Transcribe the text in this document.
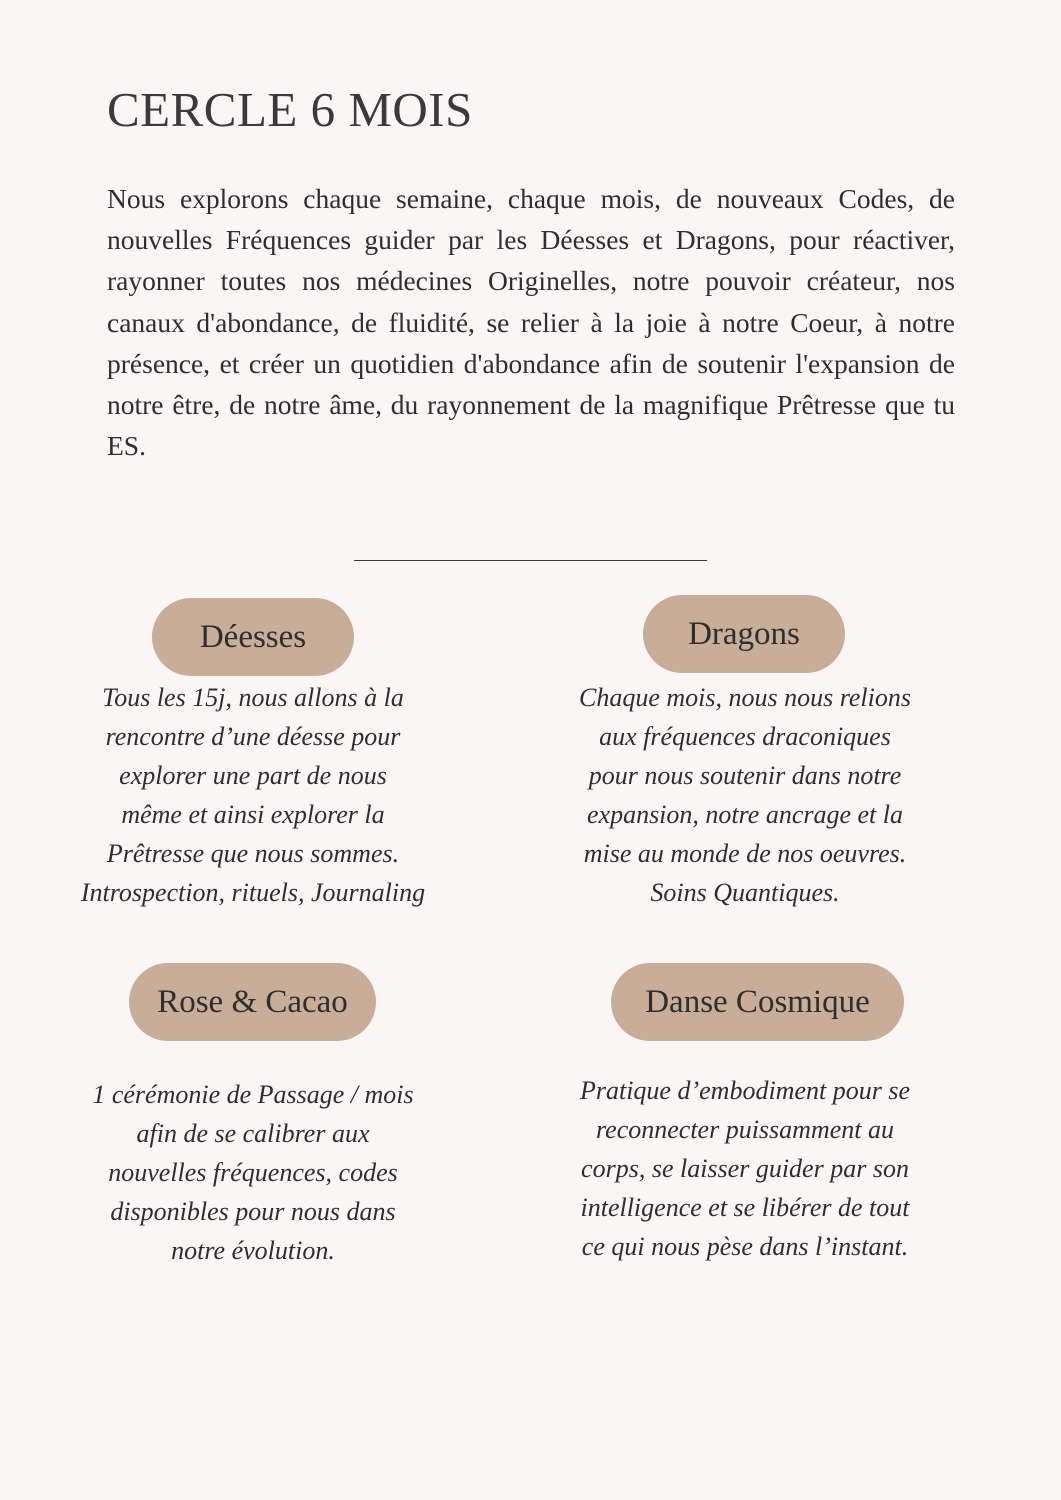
CERCLE 6 MOIS

Nous explorons chaque semaine, chaque mois, de nouveaux Codes, de nouvelles Fréquences guider par les Déesses et Dragons, pour réactiver, rayonner toutes nos médecines Originelles, notre pouvoir créateur, nos canaux d'abondance, de fluidité, se relier à la joie à notre Coeur, à notre présence, et créer un quotidien d'abondance afin de soutenir l'expansion de notre être, de notre âme, du rayonnement de la magnifique Prêtresse que tu ES.

Déesses

Tous les 15j, nous allons à la
rencontre d’une déesse pour
explorer une part de nous
même et ainsi explorer la
Prêtresse que nous sommes.
Introspection, rituels, Journaling

Dragons

Chaque mois, nous nous relions
aux fréquences draconiques
pour nous soutenir dans notre
expansion, notre ancrage et la
mise au monde de nos oeuvres.
Soins Quantiques.

Rose & Cacao

1 cérémonie de Passage / mois
afin de se calibrer aux
nouvelles fréquences, codes
disponibles pour nous dans
notre évolution.

Danse Cosmique

Pratique d’embodiment pour se
reconnecter puissamment au
corps, se laisser guider par son
intelligence et se libérer de tout
ce qui nous pèse dans l’instant.
